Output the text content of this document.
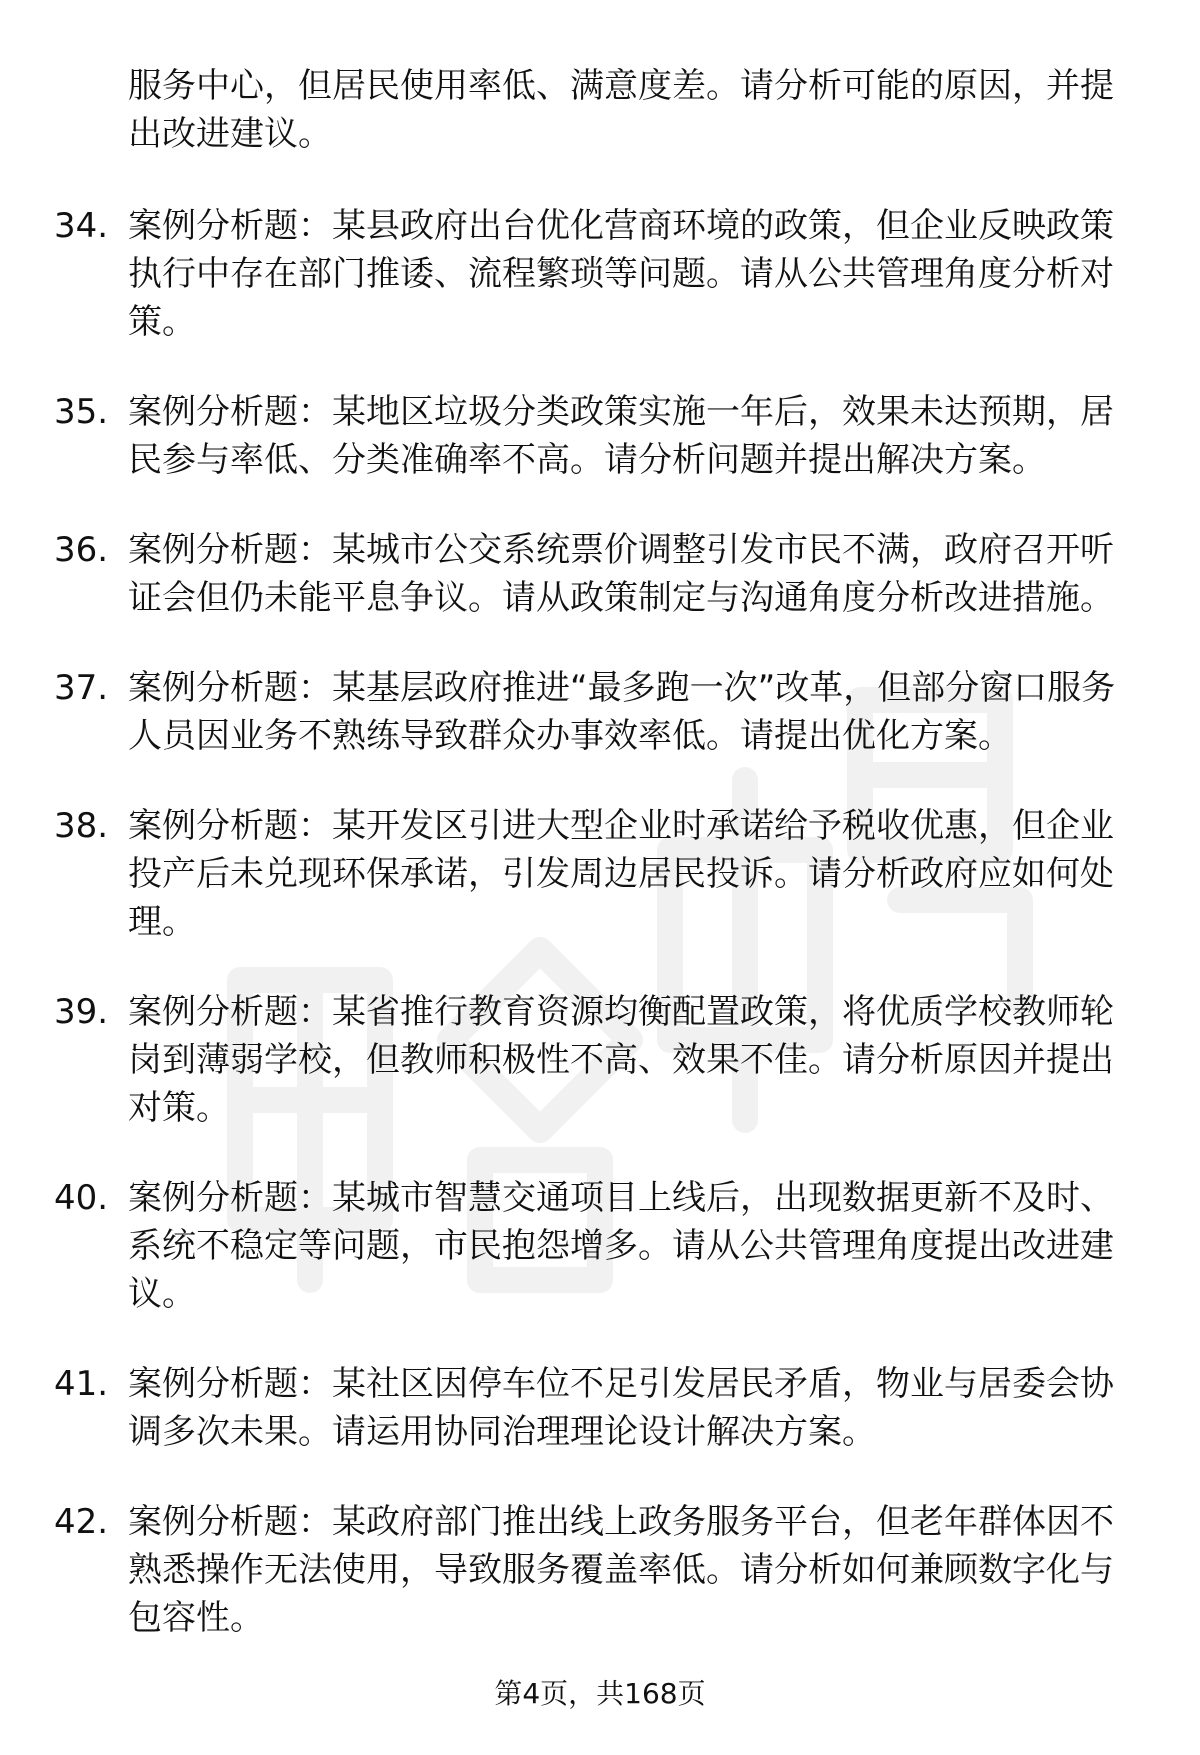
服务中心，但居民使用率低、满意度差。请分析可能的原因，并提出改进建议。
34. 案例分析题：某县政府出台优化营商环境的政策，但企业反映政策执行中存在部门推诿、流程繁琐等问题。请从公共管理角度分析对策。
35. 案例分析题：某地区垃圾分类政策实施一年后，效果未达预期，居民参与率低、分类准确率不高。请分析问题并提出解决方案。
36. 案例分析题：某城市公交系统票价调整引发市民不满，政府召开听证会但仍未能平息争议。请从政策制定与沟通角度分析改进措施。
37. 案例分析题：某基层政府推进“最多跑一次”改革，但部分窗口服务人员因业务不熟练导致群众办事效率低。请提出优化方案。
38. 案例分析题：某开发区引进大型企业时承诺给予税收优惠，但企业投产后未兑现环保承诺，引发周边居民投诉。请分析政府应如何处理。
39. 案例分析题：某省推行教育资源均衡配置政策，将优质学校教师轮岗到薄弱学校，但教师积极性不高、效果不佳。请分析原因并提出对策。
40. 案例分析题：某城市智慧交通项目上线后，出现数据更新不及时、系统不稳定等问题，市民抱怨增多。请从公共管理角度提出改进建议。
41. 案例分析题：某社区因停车位不足引发居民矛盾，物业与居委会协调多次未果。请运用协同治理理论设计解决方案。
42. 案例分析题：某政府部门推出线上政务服务平台，但老年群体因不熟悉操作无法使用，导致服务覆盖率低。请分析如何兼顾数字化与包容性。
第4页，共168页
